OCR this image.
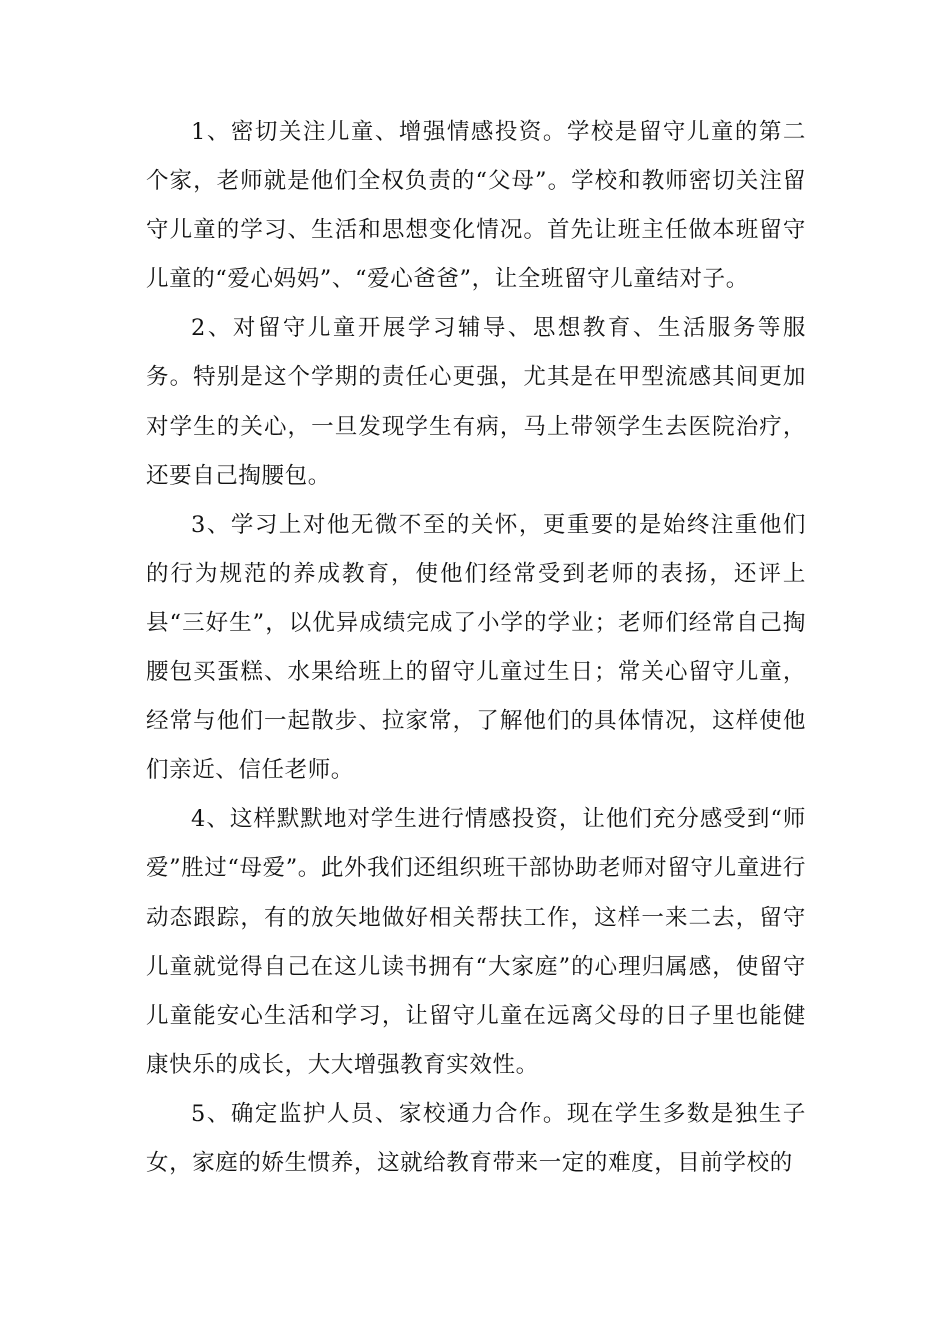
1、密切关注儿童、增强情感投资。学校是留守儿童的第二个家，老师就是他们全权负责的“父母”。学校和教师密切关注留守儿童的学习、生活和思想变化情况。首先让班主任做本班留守儿童的“爱心妈妈”、“爱心爸爸”，让全班留守儿童结对子。

2、对留守儿童开展学习辅导、思想教育、生活服务等服务。特别是这个学期的责任心更强，尤其是在甲型流感其间更加对学生的关心，一旦发现学生有病，马上带领学生去医院治疗，还要自己掏腰包。

3、学习上对他无微不至的关怀，更重要的是始终注重他们的行为规范的养成教育，使他们经常受到老师的表扬，还评上县“三好生”，以优异成绩完成了小学的学业；老师们经常自己掏腰包买蛋糕、水果给班上的留守儿童过生日；常关心留守儿童，经常与他们一起散步、拉家常，了解他们的具体情况，这样使他们亲近、信任老师。

4、这样默默地对学生进行情感投资，让他们充分感受到“师爱”胜过“母爱”。此外我们还组织班干部协助老师对留守儿童进行动态跟踪，有的放矢地做好相关帮扶工作，这样一来二去，留守儿童就觉得自己在这儿读书拥有“大家庭”的心理归属感，使留守儿童能安心生活和学习，让留守儿童在远离父母的日子里也能健康快乐的成长，大大增强教育实效性。

5、确定监护人员、家校通力合作。现在学生多数是独生子女，家庭的娇生惯养，这就给教育带来一定的难度，目前学校的
